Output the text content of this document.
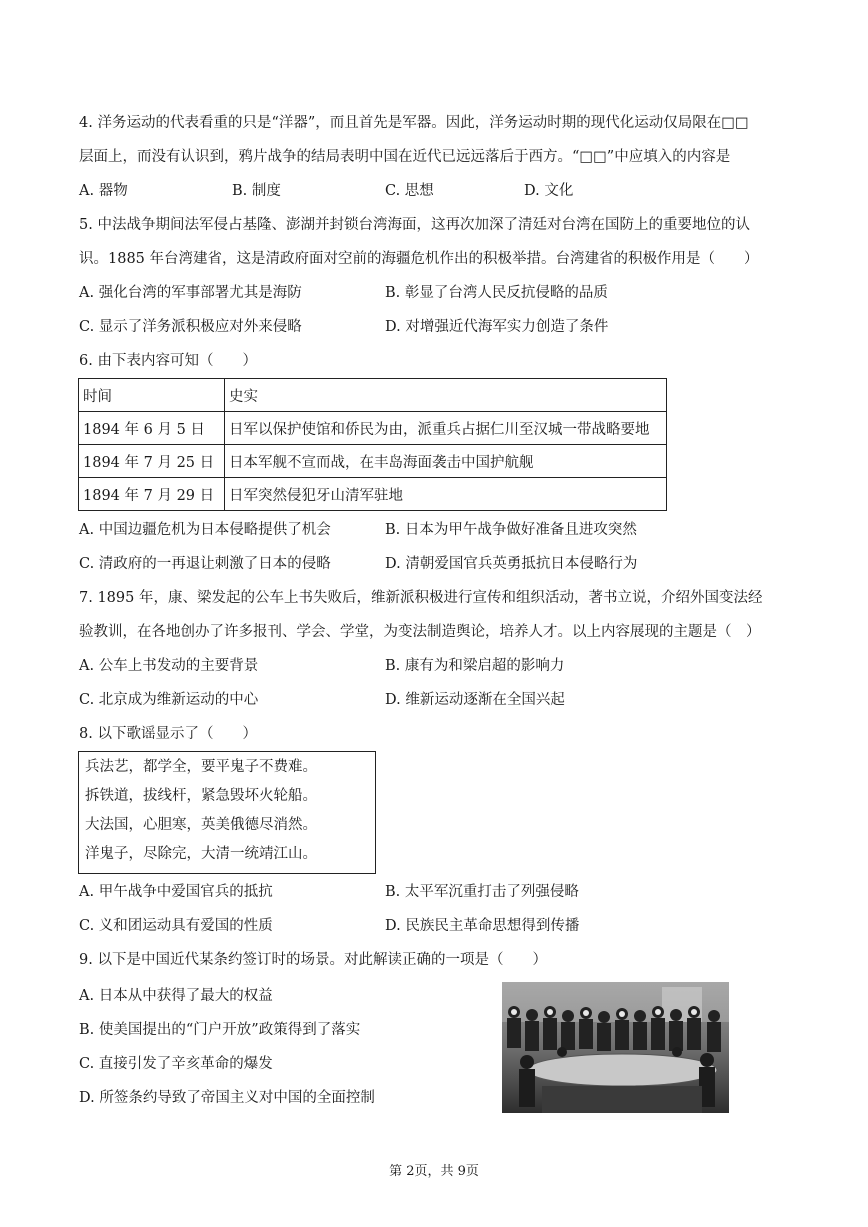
4. 洋务运动的代表看重的只是“洋器”，而且首先是军器。因此，洋务运动时期的现代化运动仅局限在□□
层面上，而没有认识到，鸦片战争的结局表明中国在近代已远远落后于西方。“□□”中应填入的内容是
A. 器物	B. 制度	C. 思想	D. 文化
5. 中法战争期间法军侵占基隆、澎湖并封锁台湾海面，这再次加深了清廷对台湾在国防上的重要地位的认
识。1885 年台湾建省，这是清政府面对空前的海疆危机作出的积极举措。台湾建省的积极作用是（　　）
A. 强化台湾的军事部署尤其是海防	B. 彰显了台湾人民反抗侵略的品质
C. 显示了洋务派积极应对外来侵略	D. 对增强近代海军实力创造了条件
6. 由下表内容可知（　　）
时间	史实
1894 年 6 月 5 日	日军以保护使馆和侨民为由，派重兵占据仁川至汉城一带战略要地
1894 年 7 月 25 日	日本军舰不宣而战，在丰岛海面袭击中国护航舰
1894 年 7 月 29 日	日军突然侵犯牙山清军驻地
A. 中国边疆危机为日本侵略提供了机会	B. 日本为甲午战争做好准备且进攻突然
C. 清政府的一再退让刺激了日本的侵略	D. 清朝爱国官兵英勇抵抗日本侵略行为
7. 1895 年，康、梁发起的公车上书失败后，维新派积极进行宣传和组织活动，著书立说，介绍外国变法经
验教训，在各地创办了许多报刊、学会、学堂，为变法制造舆论，培养人才。以上内容展现的主题是（　）
A. 公车上书发动的主要背景	B. 康有为和梁启超的影响力
C. 北京成为维新运动的中心	D. 维新运动逐渐在全国兴起
8. 以下歌谣显示了（　　）
兵法艺，都学全，要平鬼子不费难。
拆铁道，拔线杆，紧急毁坏火轮船。
大法国，心胆寒，英美俄德尽消然。
洋鬼子，尽除完，大清一统靖江山。
A. 甲午战争中爱国官兵的抵抗	B. 太平军沉重打击了列强侵略
C. 义和团运动具有爱国的性质	D. 民族民主革命思想得到传播
9. 以下是中国近代某条约签订时的场景。对此解读正确的一项是（　　）
A. 日本从中获得了最大的权益
B. 使美国提出的“门户开放”政策得到了落实
C. 直接引发了辛亥革命的爆发
D. 所签条约导致了帝国主义对中国的全面控制
第 2页，共 9页
